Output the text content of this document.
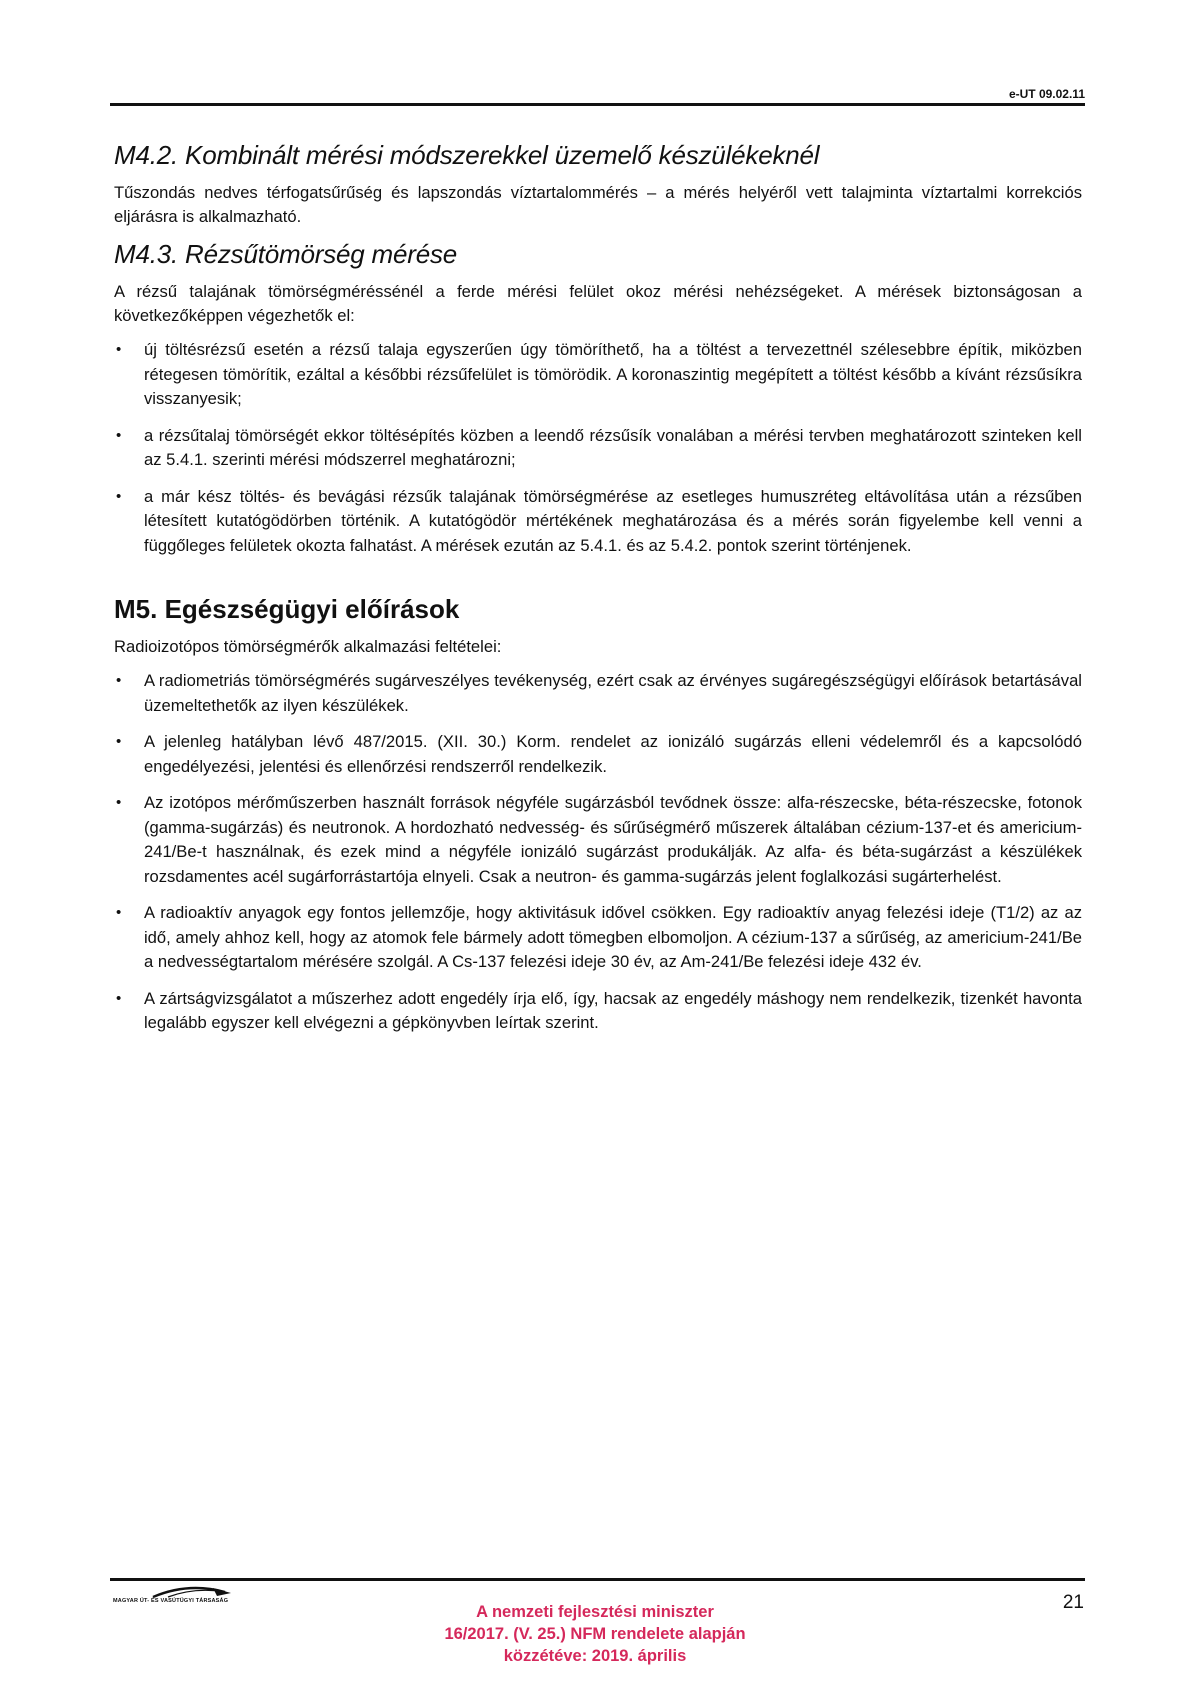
e-UT 09.02.11
M4.2. Kombinált mérési módszerekkel üzemelő készülékeknél

Tűszondás nedves térfogatsűrűség és lapszondás víztartalommérés – a mérés helyéről vett talajminta víztartalmi korrekciós eljárásra is alkalmazható.

M4.3. Rézsűtömörség mérése

A rézsű talajának tömörségméréssénél a ferde mérési felület okoz mérési nehézségeket. A mérések biztonságosan a következőképpen végezhetők el:

• új töltésrézsű esetén a rézsű talaja egyszerűen úgy tömöríthető, ha a töltést a tervezettnél szélesebbre építik, miközben rétegesen tömörítik, ezáltal a későbbi rézsűfelület is tömörödik. A koronaszintig megépített a töltést később a kívánt rézsűsíkra visszanyesik;
• a rézsűtalaj tömörségét ekkor töltésépítés közben a leendő rézsűsík vonalában a mérési tervben meghatározott szinteken kell az 5.4.1. szerinti mérési módszerrel meghatározni;
• a már kész töltés- és bevágási rézsűk talajának tömörségmérése az esetleges humuszréteg eltávolítása után a rézsűben létesített kutatógödörben történik. A kutatógödör mértékének meghatározása és a mérés során figyelembe kell venni a függőleges felületek okozta falhatást. A mérések ezután az 5.4.1. és az 5.4.2. pontok szerint történjenek.
M5. Egészségügyi előírások

Radioizotópos tömörségmérők alkalmazási feltételei:

• A radiometriás tömörségmérés sugárveszélyes tevékenység, ezért csak az érvényes sugáregészségügyi előírások betartásával üzemeltethetők az ilyen készülékek.
• A jelenleg hatályban lévő 487/2015. (XII. 30.) Korm. rendelet az ionizáló sugárzás elleni védelemről és a kapcsolódó engedélyezési, jelentési és ellenőrzési rendszerről rendelkezik.
• Az izotópos mérőműszerben használt források négyféle sugárzásból tevődnek össze: alfa-részecske, béta-részecske, fotonok (gamma-sugárzás) és neutronok. A hordozható nedvesség- és sűrűségmérő műszerek általában cézium-137-et és americium-241/Be-t használnak, és ezek mind a négyféle ionizáló sugárzást produkálják. Az alfa- és béta-sugárzást a készülékek rozsdamentes acél sugárforrástartója elnyeli. Csak a neutron- és gamma-sugárzás jelent foglalkozási sugárterhelést.
• A radioaktív anyagok egy fontos jellemzője, hogy aktivitásuk idővel csökken. Egy radioaktív anyag felezési ideje (T1/2) az az idő, amely ahhoz kell, hogy az atomok fele bármely adott tömegben elbomoljon. A cézium-137 a sűrűség, az americium-241/Be a nedvességtartalom mérésére szolgál. A Cs-137 felezési ideje 30 év, az Am-241/Be felezési ideje 432 év.
• A zártságvizsgálatot a műszerhez adott engedély írja elő, így, hacsak az engedély máshogy nem rendelkezik, tizenkét havonta legalább egyszer kell elvégezni a gépkönyvben leírtak szerint.
MAGYAR ÚT- ÉS VASÚTÜGYI TÁRSASÁG
A nemzeti fejlesztési miniszter
16/2017. (V. 25.) NFM rendelete alapján
közzétéve: 2019. április
21
